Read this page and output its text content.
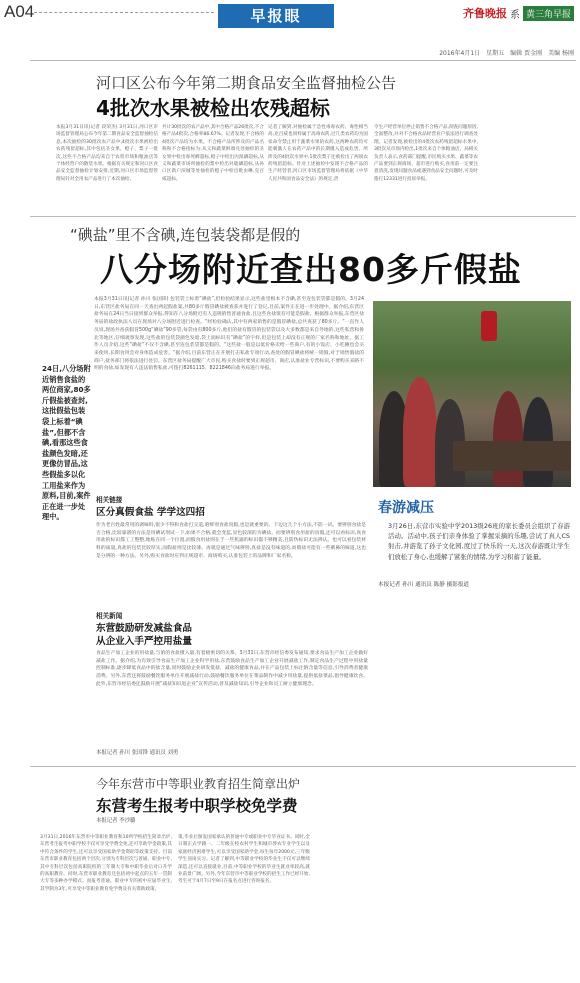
A04	早报眼	齐鲁晚报 系 黄三角早报
2016年4月1日 星期五 编辑 贾金刚 美编 杨刚
河口区公布今年第二期食品安全监督抽检公告
4批次水果被检出农残超标
本报3月31日讯(记者 段荣杰) 3月31日,河口区市场监督管理局公布今年第二期食品安全监督抽检信息,本次抽检的30批次农产品中,4批次水果被检出农药残留超标,其中包括圣女果、橙子、梨子一批次,这些不合格产品均来自于农贸市场和粮油店等个体经营户的散装水果。根据有关规定和河口区食品安全监督抽检计划安排,近期,河口区市场监督管理局针对全用农产品进行了本次抽检,
共计30批次的农产品中,其中合格产品26批次,不合格产品4批次,合格率86.67%。记者发现,不合格的4批次产品均为水果。不合格产品所涉及的产品名称和不合格指标为:从义和蔬菜鲜端兑处抽检的圣女果中检出毒死蜱超标,橙子中检出丙溴磷超标,从义和蔬菜市场所抽检的梨中检出对硫磷超标,从孙口区新户滨城等处抽检的橙子中检出吡虫啉,克百威超标。
记者了解到,对抽检属于急性毒毒农药、毒性相当高,克百威也同样属于高毒农药,过几类农药均为国家命令禁止用于蔬菜水果的农药,这两种农药均可能刺激人在农药产品中的长期摄入造成危害。所涉及的4批次水果中,1批次梨子还被检出了两项农药残留超标。针对上述抽检中发现不合格产品的生产经营者,河口区市场监督管理局将依据《中华人民共和国食品安全法》的规定,责
令生产经营单位停止销售不合格产品,彻查问题原因,全面整改,并对不合格食品经营业户依法进行调查处理。记者发现,被检出的4批次农药残留超标水果中,3批次从市场内检出,1批次来自个体粮油店。局相关负责人表示,食药部门提醒,市民购买水果、蔬菜等农产品要到正规商场、超市进行购买,食用前一定要注意清洗,发现问题食品或遇到食品安全问题时,可及时拨打12331进行投诉举报。
“碘盐”里不含碘,连包装袋都是假的
八分场附近查出80多斤假盐
本报3月31日讯(记者 孙川 张国锋) 包装袋上标着“碘盐”,但检验结果显示,这些盐里根本不含碘,甚至连包装袋都是假的。3月24日,东营区盐务局在同一天查出两起假盐案,共80多斤假冒碘盐被查获并进行了登记,目前,案件正在进一步处理中。据介绍,东营区盐务局在24日当日接到群众举报,得知在八分场附近有人违规销售普通食盐,且这些食盐很有可能是假盐。根据群众举报,东营区盐务局的盐政执法人员在现场对八分场附近进行检查。“经检验确认,其中有两家销售的是假冒碘盐,总共查获了80多斤。“一直作人员说,现场共查获假冒500g“碘盐”90多袋,每袋由有800多斤,他们的盐有假冒的包装袋以及大多数都是来自外地的,这些私营和鲁北等地区,仔细观察发现,这些盐的包装袋颜色发暗,袋上面标识有“碘盐”的字样,但是包装上却没有正规的厂家名称和地址。据工作人员介绍,这些“碘盐”不仅不含碘,甚至连包装袋都是假的。“这些盐一般是以低价格卖给一些商户,有的小饭店、小吃摊也会买来使用,长期食用会对身体造成危害。“据介绍,目前东营正在开展打击私盐专项行动,查处的假冒碘盐将统一销毁,对于销售假盐的商户,盐务部门将依法进行处罚。东营区盐务局提醒广大市民,购买食盐时要到正规超市、商店,认准盐业专营标识,不要购买来路不明的食盐,如发现有人违法销售私盐,可拨打8261115、8221846向盐务局进行举报。
24日,八分场附近销售食盐的两位商家,80多斤假盐被查封,这批假盐包装袋上标着“碘盐”,但都不含碘,看那这些食盐颜色发暗,还更像仿冒品,这些假盐多以化工用盐来作为原料,目前,案件正在进一步处理中。
春游减压
3月26日,东营市实验中学2013级26班的家长委员会组织了春游活动。活动中,孩子们亲身体验了掌握采摘的乐趣,尝试了真人CS射击,并游览了孙子文化园,度过了快乐的一天,这次春游既让学生们放松了身心,也缓解了紧张的情绪,为学习积蓄了能量。
本报记者 孙川 通讯员 陈静 摄影报道
相关链接
区分真假食盐 学学这四招
作为老百姓最常用的调味料,很少不得和食盐打交道,咱鲜别食盐真假,也是就重要的。下边这几个小方法,不防一试。要辨别食盐是否合格,比较靠谱的方法是用碘试剂试一下,如果不合格,就会变蓝,显色较深的为碘盐。而要辨别食用盐的真假,还可以看标识,真食用盐的标识都工工整整,地贴在同一个位置,而假食用盐则在于一些机器的标识都不够精美,且防伪标识无法辨认。也可以看包装材料的质量,真盐的包装比较厚实,而假盐则是比较薄。再就是通过气味辨别,真盐是没有味道的,而假盐可能有一些刺鼻的味道,这也是分辨的一种方法。另外,购买食盐时应到正规超市、商场购买,认准包装上的品牌和厂家名称。
相关新闻
东营鼓励研发减盐食品
从企业入手严控用盐量
食品生产加工企业的用盐量,与咱的食盐摄入量,有着极密切的关系。3月31日,东营市经信委发布通知,要求食品生产加工企业做好减盐工作。据介绍,为有效引导食品生产加工企业科学用盐,东营鼓励食品生产加工企业开展减盐工作,制定食品生产过程中用盐量控制标准,逐步降低食品中的盐含量,同时鼓励企业研发低盐、减盐的健康食品,并在产品包装上标注钠含量等信息,引导消费者健康消费。另外,东营还将鼓励餐饮服务单位开展减盐行动,鼓励餐饮服务单位在菜品制作中减少用盐量,提供低盐菜品,倡导健康饮食。此外,东营市经信委还鼓励开展“减盐知识进企业”宣传活动,普及减盐知识,引导企业和员工树立健康理念。
本报记者 孙川 张国锋 通讯员 刘勇
今年东营市中等职业教育招生简章出炉
东营考生报考中职学校免学费
本报记者 李沙璐
3月31日,2016年东营市中等职业教育和10所学校招生简章出炉,东营考生报考中职学校不仅可享受学费全免,还可享助学金政策,其中符合条件的学生,还可以享受国家助学金资助等政策支持。目前东营市职业教育包括两个层次,分别为专科层次与普通、职业中专,其中专科层次包括高职院校的三年制大专和中职毕业后对口升学的高职教育。同时,东营市职业教育还包括初中起点的五年一贯制大专等多种办学模式。而报考普通、职业中专的初中应届毕业生,其学制为3年,可享受中等职业教育免学费及有关资助政策。
策,毕业后颁发国家承认的普通中专或职业中专毕业证书。同时,全日制正式学籍一、二年级在校农村学生和城市涉农专业学生以及家庭经济困难学生,可以享受国家助学金,每生每年2000元,三年级学生顶岗实习。记者了解到,中等职业学校的毕业生不仅可以继续深造,还可以直接就业,目前,中等职业学校的毕业生就业率较高,就业前景广阔。另外,今年东营市中等职业学校的招生工作已经开始,考生可于4月7日至9日在报名点进行咨询报名。
